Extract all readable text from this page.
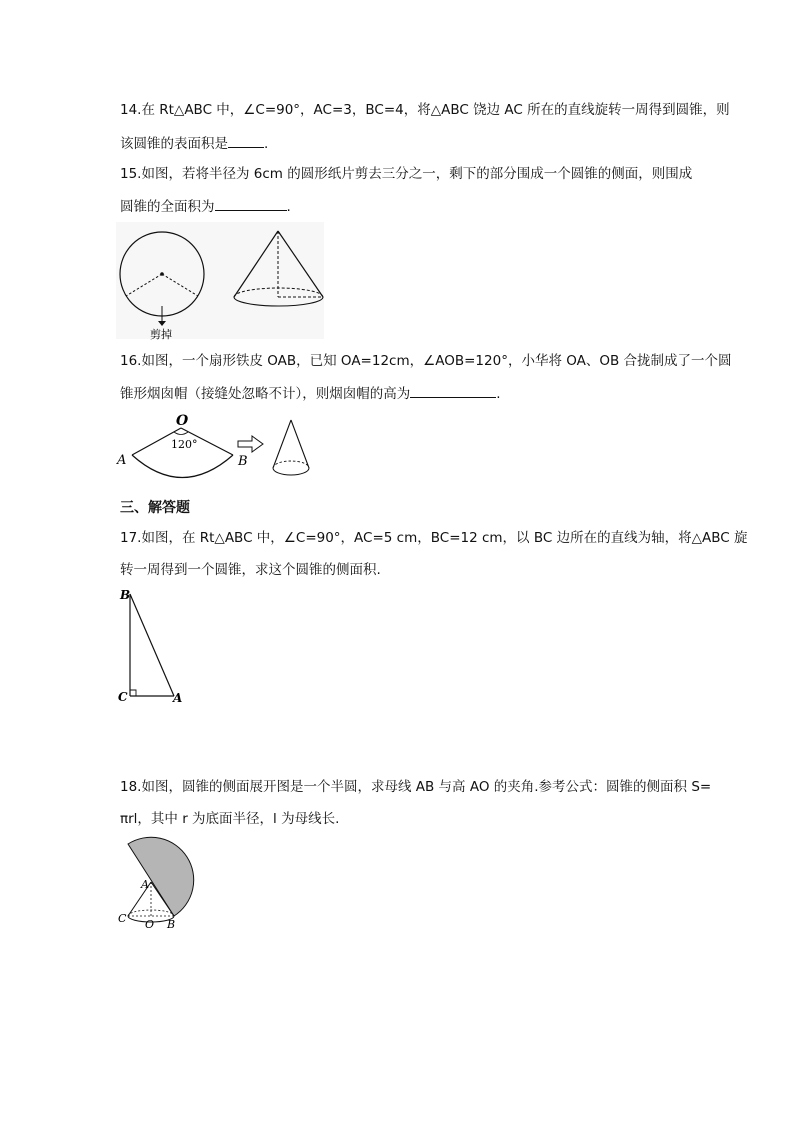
14.在 Rt△ABC 中，∠C=90°，AC=3，BC=4，将△ABC 饶边 AC 所在的直线旋转一周得到圆锥，则
该圆锥的表面积是	.
15.如图，若将半径为 6cm 的圆形纸片剪去三分之一，剩下的部分围成一个圆锥的侧面，则围成
圆锥的全面积为	.
剪掉
16.如图，一个扇形铁皮 OAB，已知 OA=12cm，∠AOB=120°，小华将 OA、OB 合拢制成了一个圆
锥形烟囱帽（接缝处忽略不计），则烟囱帽的高为	.
O
120°
A	B
三、解答题
17.如图，在 Rt△ABC 中，∠C=90°，AC=5 cm，BC=12 cm，以 BC 边所在的直线为轴，将△ABC 旋
转一周得到一个圆锥，求这个圆锥的侧面积.
B
C	A
18.如图，圆锥的侧面展开图是一个半圆，求母线 AB 与高 AO 的夹角.参考公式：圆锥的侧面积 S=
πrl，其中 r 为底面半径，l 为母线长.
A
C O B
